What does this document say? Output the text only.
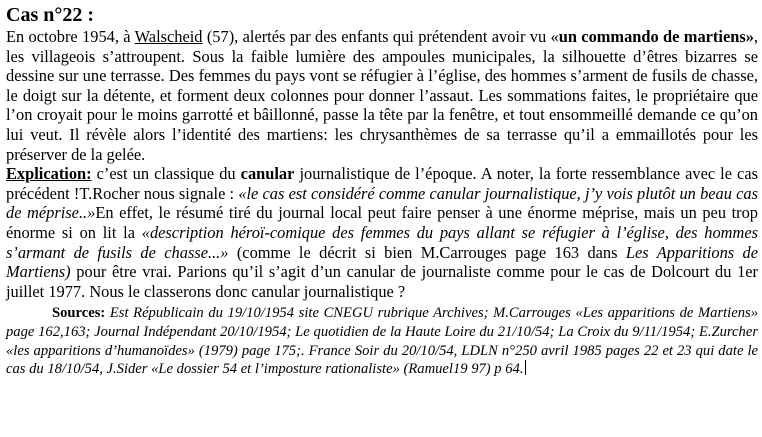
Cas n°22 :

En octobre 1954, à Walscheid (57), alertés par des enfants qui prétendent avoir vu «un commando de martiens», les villageois s’attroupent. Sous la faible lumière des ampoules municipales, la silhouette d’êtres bizarres se dessine sur une terrasse. Des femmes du pays vont se réfugier à l’église, des hommes s’arment de fusils de chasse, le doigt sur la détente, et forment deux colonnes pour donner l’assaut. Les sommations faites, le propriétaire que l’on croyait pour le moins garrotté et bâillonné, passe la tête par la fenêtre, et tout ensommeillé demande ce qu’on lui veut. Il révèle alors l’identité des martiens: les chrysanthèmes de sa terrasse qu’il a emmaillotés pour les préserver de la gelée.

Explication: c’est un classique du canular journalistique de l’époque. A noter, la forte ressemblance avec le cas précédent !T.Rocher nous signale : «le cas est considéré comme canular journalistique, j’y vois plutôt un beau cas de méprise..»En effet, le résumé tiré du journal local peut faire penser à une énorme méprise, mais un peu trop énorme si on lit la «description héroï-comique des femmes du pays allant se réfugier à l’église, des hommes s’armant de fusils de chasse...» (comme le décrit si bien M.Carrouges page 163 dans Les Apparitions de Martiens) pour être vrai. Parions qu’il s’agit d’un canular de journaliste comme pour le cas de Dolcourt du 1er juillet 1977. Nous le classerons donc canular journalistique ?

Sources: Est Républicain du 19/10/1954 site CNEGU rubrique Archives; M.Carrouges «Les apparitions de Martiens» page 162,163; Journal Indépendant 20/10/1954; Le quotidien de la Haute Loire du 21/10/54; La Croix du 9/11/1954; E.Zurcher «les apparitions d’humanoïdes» (1979) page 175;. France Soir du 20/10/54, LDLN n°250 avril 1985 pages 22 et 23 qui date le cas du 18/10/54, J.Sider «Le dossier 54 et l’imposture rationaliste» (Ramuel19 97) p 64.
